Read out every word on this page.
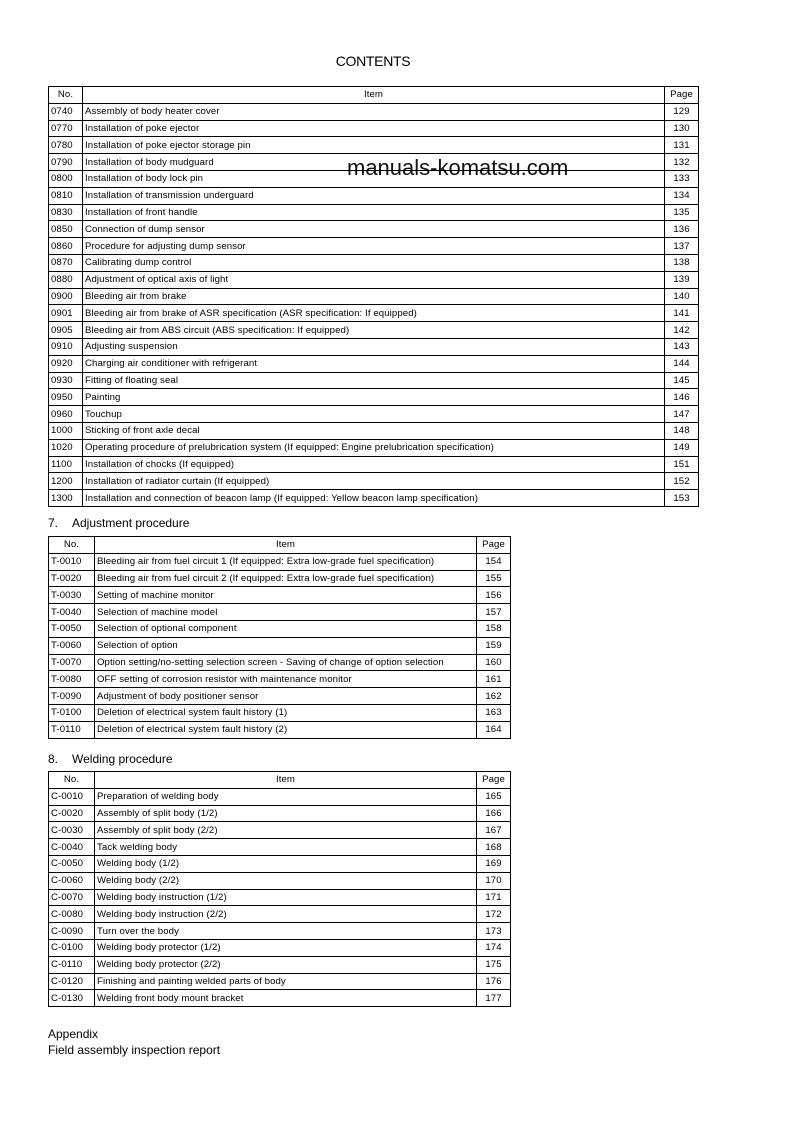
CONTENTS
manuals-komatsu.com
No.	Item	Page
0740	Assembly of body heater cover	129
0770	Installation of poke ejector	130
0780	Installation of poke ejector storage pin	131
0790	Installation of body mudguard	132
0800	Installation of body lock pin	133
0810	Installation of transmission underguard	134
0830	Installation of front handle	135
0850	Connection of dump sensor	136
0860	Procedure for adjusting dump sensor	137
0870	Calibrating dump control	138
0880	Adjustment of optical axis of light	139
0900	Bleeding air from brake	140
0901	Bleeding air from brake of ASR specification (ASR specification: If equipped)	141
0905	Bleeding air from ABS circuit (ABS specification: If equipped)	142
0910	Adjusting suspension	143
0920	Charging air conditioner with refrigerant	144
0930	Fitting of floating seal	145
0950	Painting	146
0960	Touchup	147
1000	Sticking of front axle decal	148
1020	Operating procedure of prelubrication system (If equipped: Engine prelubrication specification)	149
1100	Installation of chocks (If equipped)	151
1200	Installation of radiator curtain (If equipped)	152
1300	Installation and connection of beacon lamp (If equipped: Yellow beacon lamp specification)	153
7. Adjustment procedure
No.	Item	Page
T-0010	Bleeding air from fuel circuit 1 (If equipped: Extra low-grade fuel specification)	154
T-0020	Bleeding air from fuel circuit 2 (If equipped: Extra low-grade fuel specification)	155
T-0030	Setting of machine monitor	156
T-0040	Selection of machine model	157
T-0050	Selection of optional component	158
T-0060	Selection of option	159
T-0070	Option setting/no-setting selection screen - Saving of change of option selection	160
T-0080	OFF setting of corrosion resistor with maintenance monitor	161
T-0090	Adjustment of body positioner sensor	162
T-0100	Deletion of electrical system fault history (1)	163
T-0110	Deletion of electrical system fault history (2)	164
8. Welding procedure
No.	Item	Page
C-0010	Preparation of welding body	165
C-0020	Assembly of split body (1/2)	166
C-0030	Assembly of split body (2/2)	167
C-0040	Tack welding body	168
C-0050	Welding body (1/2)	169
C-0060	Welding body (2/2)	170
C-0070	Welding body instruction (1/2)	171
C-0080	Welding body instruction (2/2)	172
C-0090	Turn over the body	173
C-0100	Welding body protector (1/2)	174
C-0110	Welding body protector (2/2)	175
C-0120	Finishing and painting welded parts of body	176
C-0130	Welding front body mount bracket	177
Appendix
Field assembly inspection report
